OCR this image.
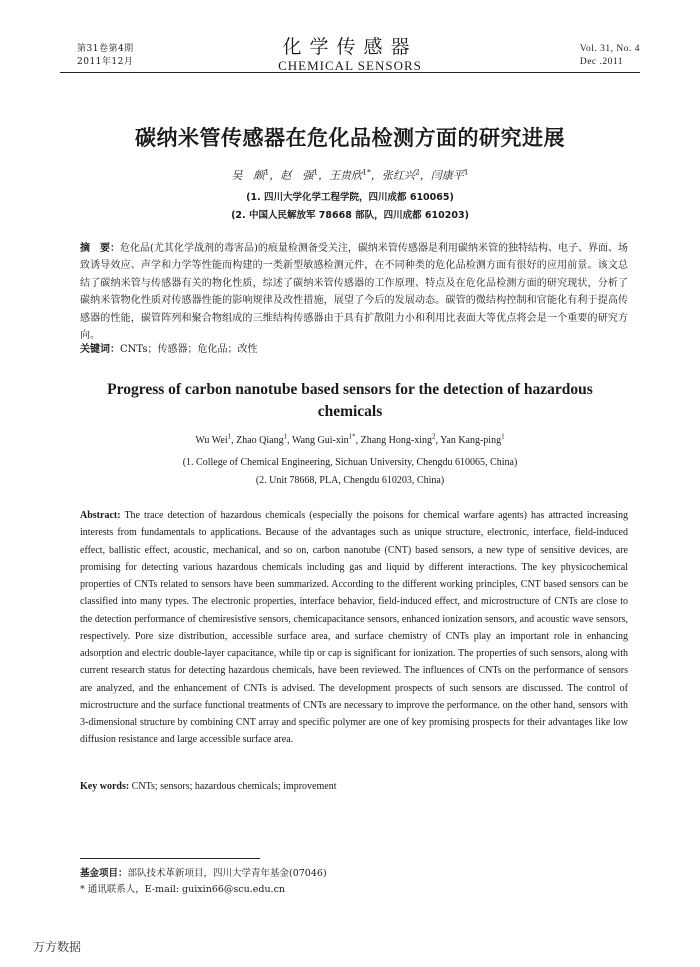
第31卷第4期
2011年12月
化学传感器
CHEMICAL SENSORS
Vol. 31, No. 4
Dec .2011
碳纳米管传感器在危化品检测方面的研究进展
吴　颇$^1$，赵　强$^1$，王贵欣$^{1*}$，张红兴$^2$，闫康平$^1$
(1. 四川大学化学工程学院，四川成都 610065)
(2. 中国人民解放军 78668 部队，四川成都 610203)
摘　要：危化品(尤其化学战剂的毒害品)的痕量检测备受关注，碳纳米管传感器是利用碳纳米管的独特结构、电子、界面、场致诱导效应、声学和力学等性能而构建的一类新型敏感检测元件，在不同种类的危化品检测方面有很好的应用前景。该文总结了碳纳米管与传感器有关的物化性质，综述了碳纳米管传感器的工作原理、特点及在危化品检测方面的研究现状，分析了碳纳米管物化性质对传感器性能的影响规律及改性措施，展望了今后的发展动态。碳管的微结构控制和官能化有利于提高传感器的性能，碳管阵列和聚合物组成的三维结构传感器由于具有扩散阻力小和利用比表面大等优点将会是一个重要的研究方向。
关键词：CNTs；传感器；危化品；改性
Progress of carbon nanotube based sensors for the detection of hazardous chemicals
Wu Wei$^1$, Zhao Qiang$^1$, Wang Gui-xin$^{1*}$, Zhang Hong-xing$^2$, Yan Kang-ping$^1$
(1. College of Chemical Engineering, Sichuan University, Chengdu 610065, China)
(2. Unit 78668, PLA, Chengdu 610203, China)
Abstract: The trace detection of hazardous chemicals (especially the poisons for chemical warfare agents) has attracted increasing interests from fundamentals to applications. Because of the advantages such as unique structure, electronic, interface, field-induced effect, ballistic effect, acoustic, mechanical, and so on, carbon nanotube (CNT) based sensors, a new type of sensitive devices, are promising for detecting various hazardous chemicals including gas and liquid by different interactions. The key physicochemical properties of CNTs related to sensors have been summarized. According to the different working principles, CNT based sensors can be classified into many types. The electronic properties, interface behavior, field-induced effect, and microstructure of CNTs are close to the detection performance of chemiresistive sensors, chemicapacitance sensors, enhanced ionization sensors, and acoustic wave sensors, respectively. Pore size distribution, accessible surface area, and surface chemistry of CNTs play an important role in enhancing adsorption and electric double-layer capacitance, while tip or cap is significant for ionization. The properties of such sensors, along with current research status for detecting hazardous chemicals, have been reviewed. The influences of CNTs on the performance of sensors are analyzed, and the enhancement of CNTs is advised. The development prospects of such sensors are discussed. The control of microstructure and the surface functional treatments of CNTs are necessary to improve the performance. on the other hand, sensors with 3-dimensional structure by combining CNT array and specific polymer are one of key promising prospects for their advantages like low diffusion resistance and large accessible surface area.
Key words: CNTs; sensors; hazardous chemicals; improvement
基金项目：部队技术革新项目，四川大学青年基金(07046)
* 通讯联系人，E-mail: guixin66@scu.edu.cn
万方数据
